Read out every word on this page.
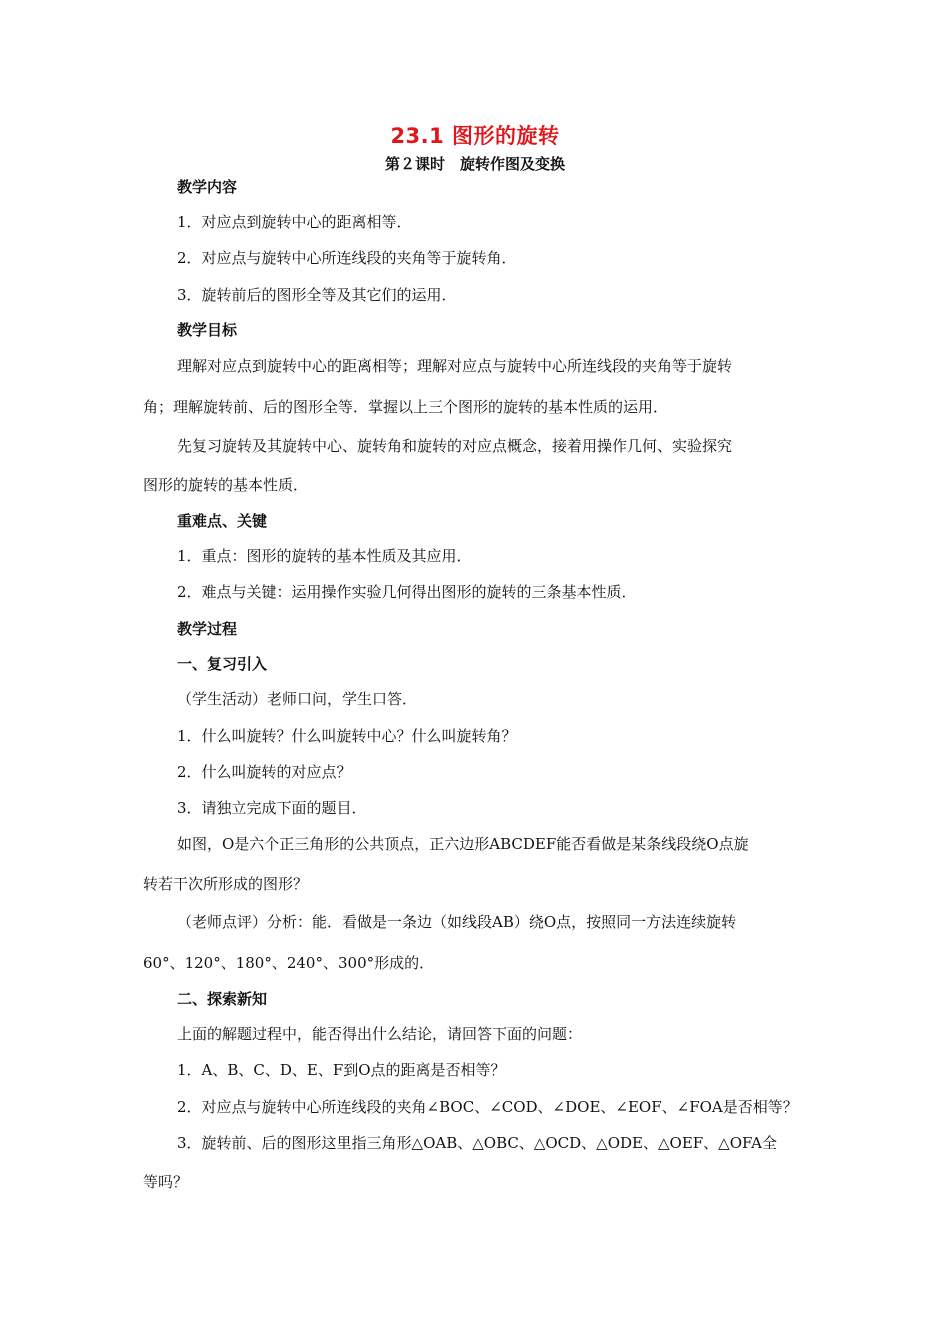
23.1 图形的旋转
第２课时　旋转作图及变换
教学内容
1．对应点到旋转中心的距离相等．
2．对应点与旋转中心所连线段的夹角等于旋转角．
3．旋转前后的图形全等及其它们的运用．
教学目标
理解对应点到旋转中心的距离相等；理解对应点与旋转中心所连线段的夹角等于旋转
角；理解旋转前、后的图形全等．掌握以上三个图形的旋转的基本性质的运用．
先复习旋转及其旋转中心、旋转角和旋转的对应点概念，接着用操作几何、实验探究
图形的旋转的基本性质．
重难点、关键
1．重点：图形的旋转的基本性质及其应用．
2．难点与关键：运用操作实验几何得出图形的旋转的三条基本性质．
教学过程
一、复习引入
（学生活动）老师口问，学生口答．
1．什么叫旋转？什么叫旋转中心？什么叫旋转角？
2．什么叫旋转的对应点？
3．请独立完成下面的题目．
如图，O是六个正三角形的公共顶点，正六边形ABCDEF能否看做是某条线段绕O点旋
转若干次所形成的图形？
（老师点评）分析：能．看做是一条边（如线段AB）绕O点，按照同一方法连续旋转
60°、120°、180°、240°、300°形成的．
二、探索新知
上面的解题过程中，能否得出什么结论，请回答下面的问题：
1．A、B、C、D、E、F到O点的距离是否相等？
2．对应点与旋转中心所连线段的夹角∠BOC、∠COD、∠DOE、∠EOF、∠FOA是否相等？
3．旋转前、后的图形这里指三角形△OAB、△OBC、△OCD、△ODE、△OEF、△OFA全
等吗？
